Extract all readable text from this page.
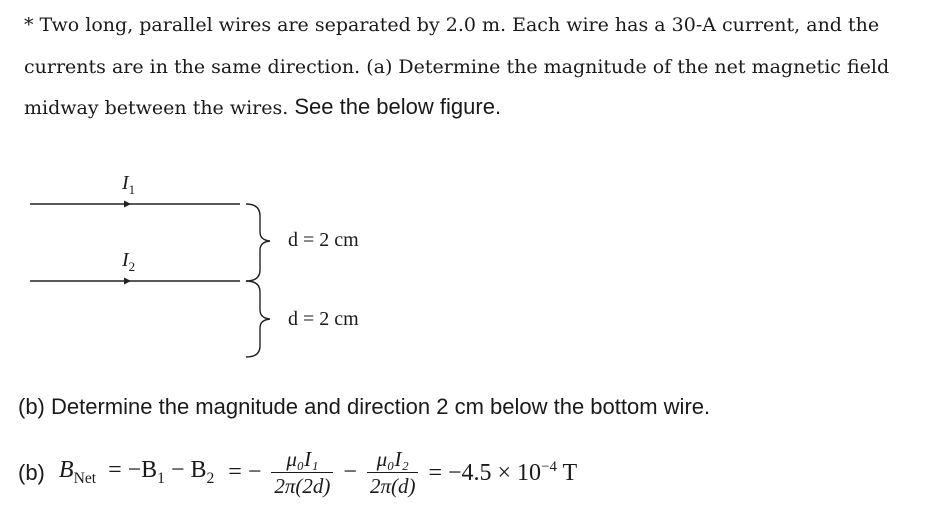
* Two long, parallel wires are separated by 2.0 m. Each wire has a 30-A current, and the
currents are in the same direction. (a) Determine the magnitude of the net magnetic field
midway between the wires. See the below figure.
$I_1$
$I_2$
d = 2 cm
d = 2 cm
(b) Determine the magnitude and direction 2 cm below the bottom wire.
(b) $B_{Net} = -B_1 - B_2$ = − $\frac{\text{μ₀I₁}}{2\pi(2d)} - \frac{\text{μ₀I₂}}{2\pi(d)} = -4.5 \times 10^{-4}$ T
